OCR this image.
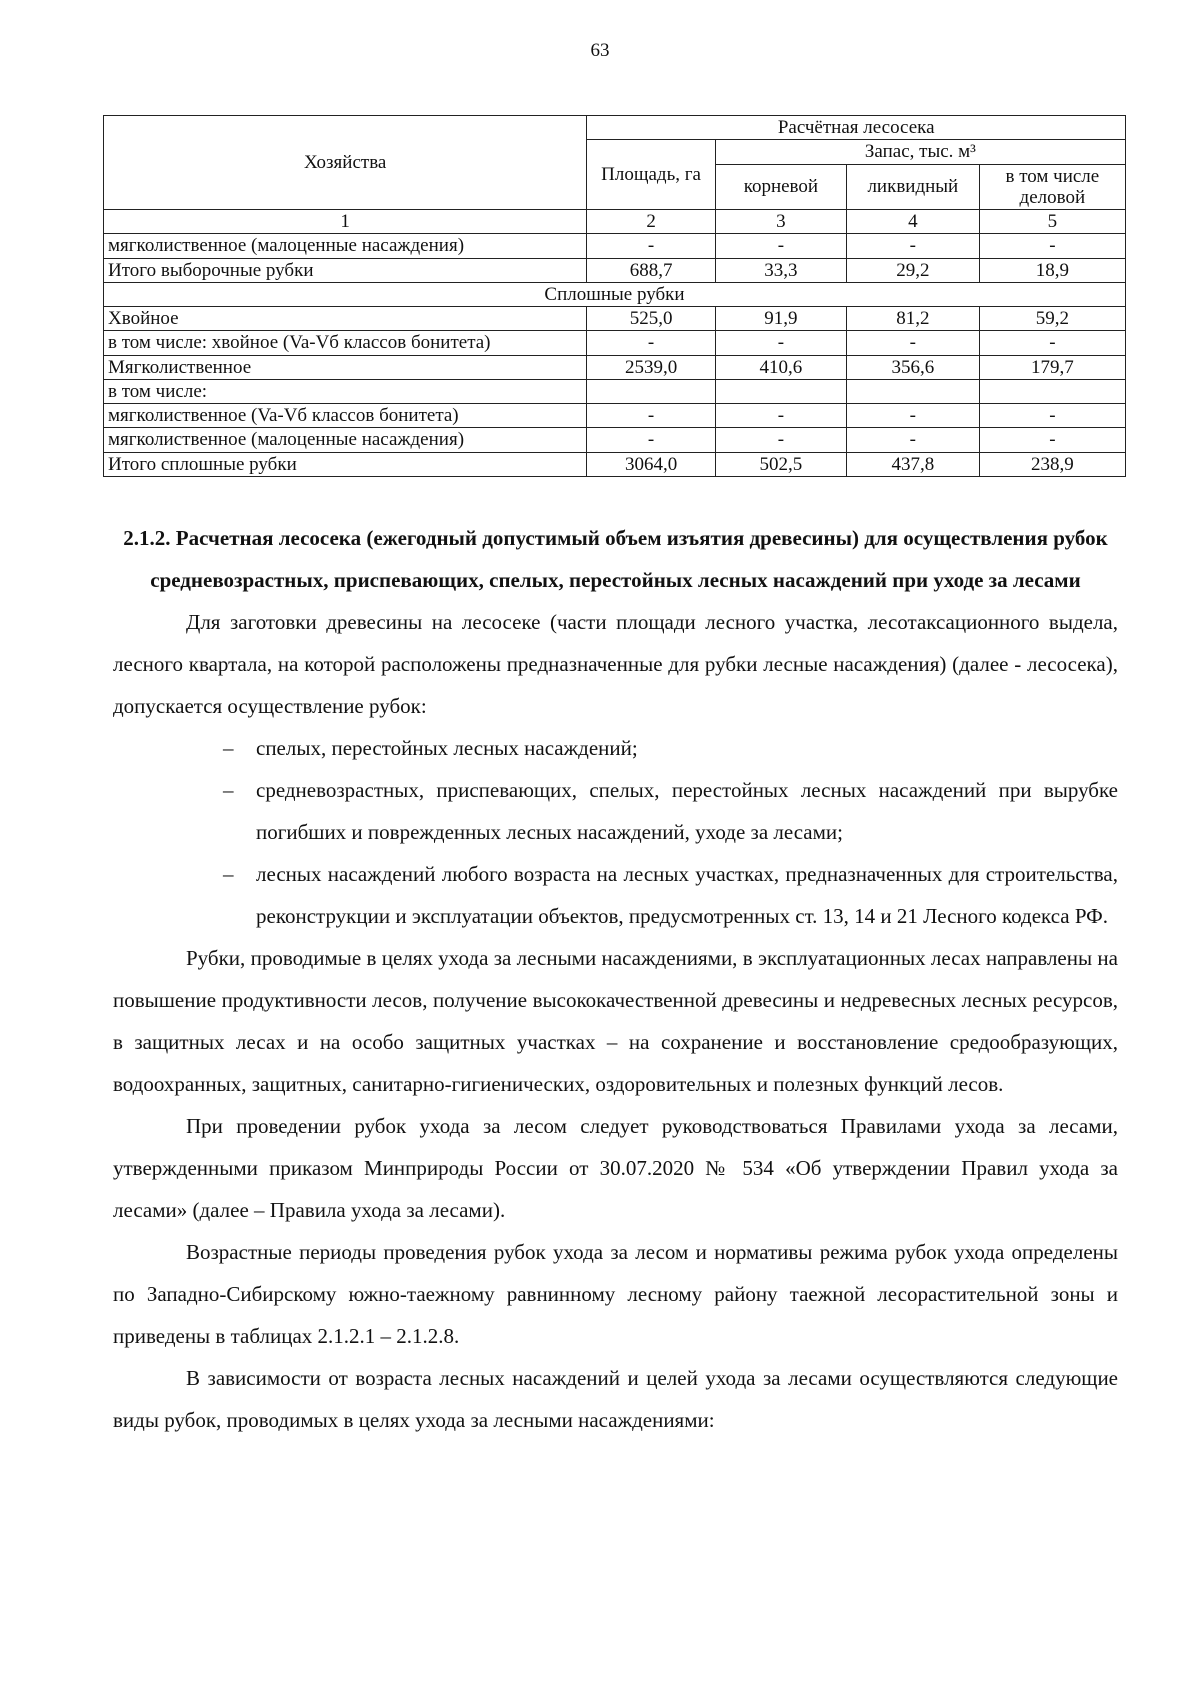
63
Хозяйства	Расчётная лесосека			
	Площадь, га	Запас, тыс. м³		
		корневой	ликвидный	в том числе деловой
1	2	3	4	5
мягколиственное (малоценные насаждения)	-	-	-	-
Итого выборочные рубки	688,7	33,3	29,2	18,9
Сплошные рубки				
Хвойное	525,0	91,9	81,2	59,2
в том числе: хвойное (Va-Vб классов бонитета)	-	-	-	-
Мягколиственное	2539,0	410,6	356,6	179,7
в том числе:				
мягколиственное (Va-Vб классов бонитета)	-	-	-	-
мягколиственное (малоценные насаждения)	-	-	-	-
Итого сплошные рубки	3064,0	502,5	437,8	238,9
2.1.2. Расчетная лесосека (ежегодный допустимый объем изъятия древесины) для осуществления рубок средневозрастных, приспевающих, спелых, перестойных лесных насаждений при уходе за лесами

Для заготовки древесины на лесосеке (части площади лесного участка, лесотаксационного выдела, лесного квартала, на которой расположены предназначенные для рубки лесные насаждения) (далее - лесосека), допускается осуществление рубок:

– спелых, перестойных лесных насаждений;
– средневозрастных, приспевающих, спелых, перестойных лесных насаждений при вырубке погибших и поврежденных лесных насаждений, уходе за лесами;
– лесных насаждений любого возраста на лесных участках, предназначенных для строительства, реконструкции и эксплуатации объектов, предусмотренных ст. 13, 14 и 21 Лесного кодекса РФ.

Рубки, проводимые в целях ухода за лесными насаждениями, в эксплуатационных лесах направлены на повышение продуктивности лесов, получение высококачественной древесины и недревесных лесных ресурсов, в защитных лесах и на особо защитных участках – на сохранение и восстановление средообразующих, водоохранных, защитных, санитарно-гигиенических, оздоровительных и полезных функций лесов.

При проведении рубок ухода за лесом следует руководствоваться Правилами ухода за лесами, утвержденными приказом Минприроды России от 30.07.2020 № 534 «Об утверждении Правил ухода за лесами» (далее – Правила ухода за лесами).

Возрастные периоды проведения рубок ухода за лесом и нормативы режима рубок ухода определены по Западно-Сибирскому южно-таежному равнинному лесному району таежной лесорастительной зоны и приведены в таблицах 2.1.2.1 – 2.1.2.8.

В зависимости от возраста лесных насаждений и целей ухода за лесами осуществляются следующие виды рубок, проводимых в целях ухода за лесными насаждениями:
